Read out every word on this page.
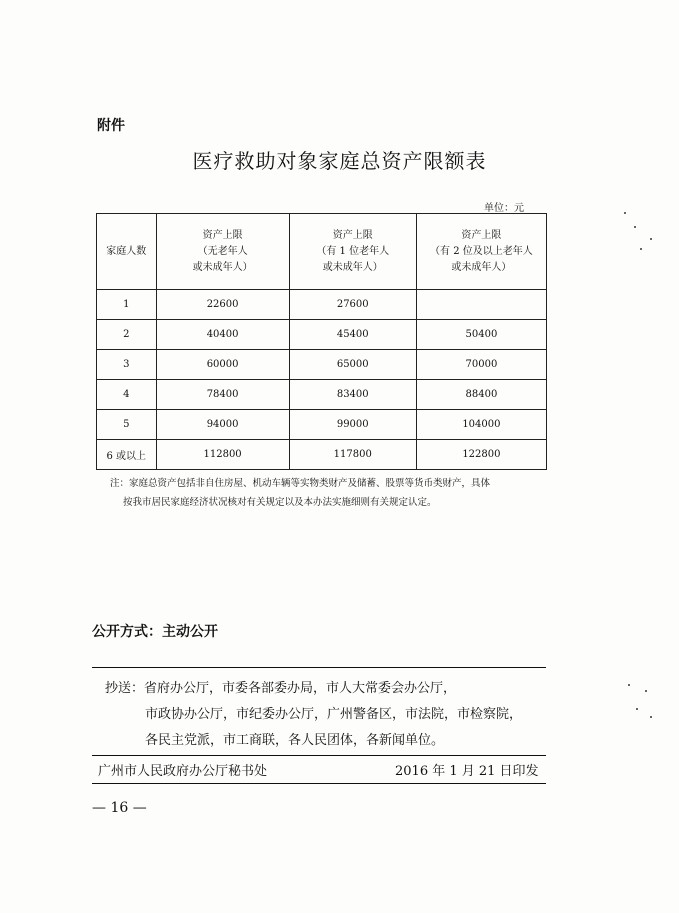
附件
医疗救助对象家庭总资产限额表
单位：元
家庭人数	资产上限
（无老年人
或未成年人）	资产上限
（有 1 位老年人
或未成年人）	资产上限
（有 2 位及以上老年人
或未成年人）

1	22600	27600	
2	40400	45400	50400
3	60000	65000	70000
4	78400	83400	88400
5	94000	99000	104000
6 或以上	112800	117800	122800
注：家庭总资产包括非自住房屋、机动车辆等实物类财产及储蓄、股票等货币类财产，具体
按我市居民家庭经济状况核对有关规定以及本办法实施细则有关规定认定。
公开方式：主动公开
抄送：省府办公厅，市委各部委办局，市人大常委会办公厅，
市政协办公厅，市纪委办公厅，广州警备区，市法院，市检察院，
各民主党派，市工商联，各人民团体，各新闻单位。
广州市人民政府办公厅秘书处	2016 年 1 月 21 日印发
— 16 —
